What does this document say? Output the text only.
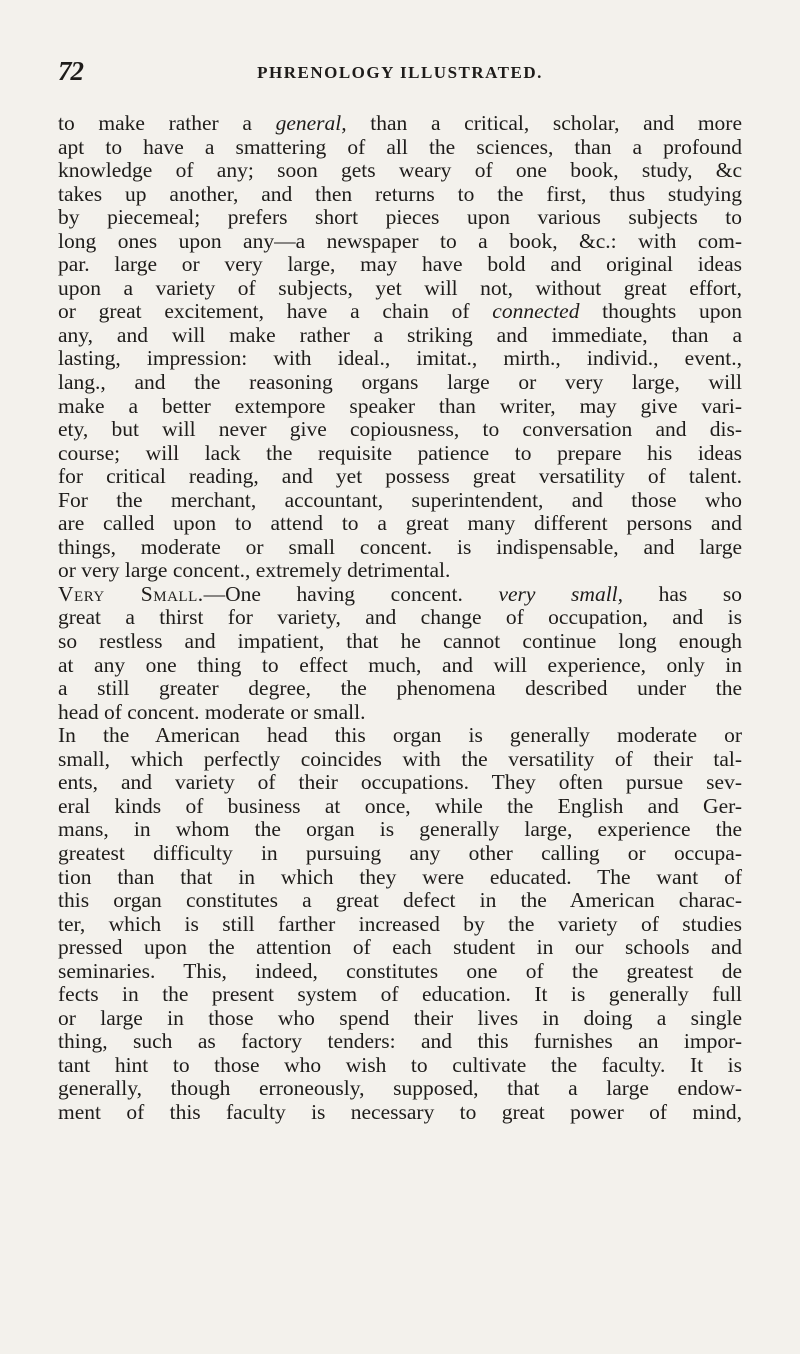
72	PHRENOLOGY ILLUSTRATED.
to make rather a general, than a critical, scholar, and more
apt to have a smattering of all the sciences, than a profound
knowledge of any; soon gets weary of one book, study, &c
takes up another, and then returns to the first, thus studying
by piecemeal; prefers short pieces upon various subjects to
long ones upon any—a newspaper to a book, &c.: with com-
par. large or very large, may have bold and original ideas
upon a variety of subjects, yet will not, without great effort,
or great excitement, have a chain of connected thoughts upon
any, and will make rather a striking and immediate, than a
lasting, impression: with ideal., imitat., mirth., individ., event.,
lang., and the reasoning organs large or very large, will
make a better extempore speaker than writer, may give vari-
ety, but will never give copiousness, to conversation and dis-
course; will lack the requisite patience to prepare his ideas
for critical reading, and yet possess great versatility of talent.
For the merchant, accountant, superintendent, and those who
are called upon to attend to a great many different persons and
things, moderate or small concent. is indispensable, and large
or very large concent., extremely detrimental.
Very Small.—One having concent. very small, has so
great a thirst for variety, and change of occupation, and is
so restless and impatient, that he cannot continue long enough
at any one thing to effect much, and will experience, only in
a still greater degree, the phenomena described under the
head of concent. moderate or small.
In the American head this organ is generally moderate or
small, which perfectly coincides with the versatility of their tal-
ents, and variety of their occupations. They often pursue sev-
eral kinds of business at once, while the English and Ger-
mans, in whom the organ is generally large, experience the
greatest difficulty in pursuing any other calling or occupa-
tion than that in which they were educated. The want of
this organ constitutes a great defect in the American charac-
ter, which is still farther increased by the variety of studies
pressed upon the attention of each student in our schools and
seminaries. This, indeed, constitutes one of the greatest de
fects in the present system of education. It is generally full
or large in those who spend their lives in doing a single
thing, such as factory tenders: and this furnishes an impor-
tant hint to those who wish to cultivate the faculty. It is
generally, though erroneously, supposed, that a large endow-
ment of this faculty is necessary to great power of mind,
